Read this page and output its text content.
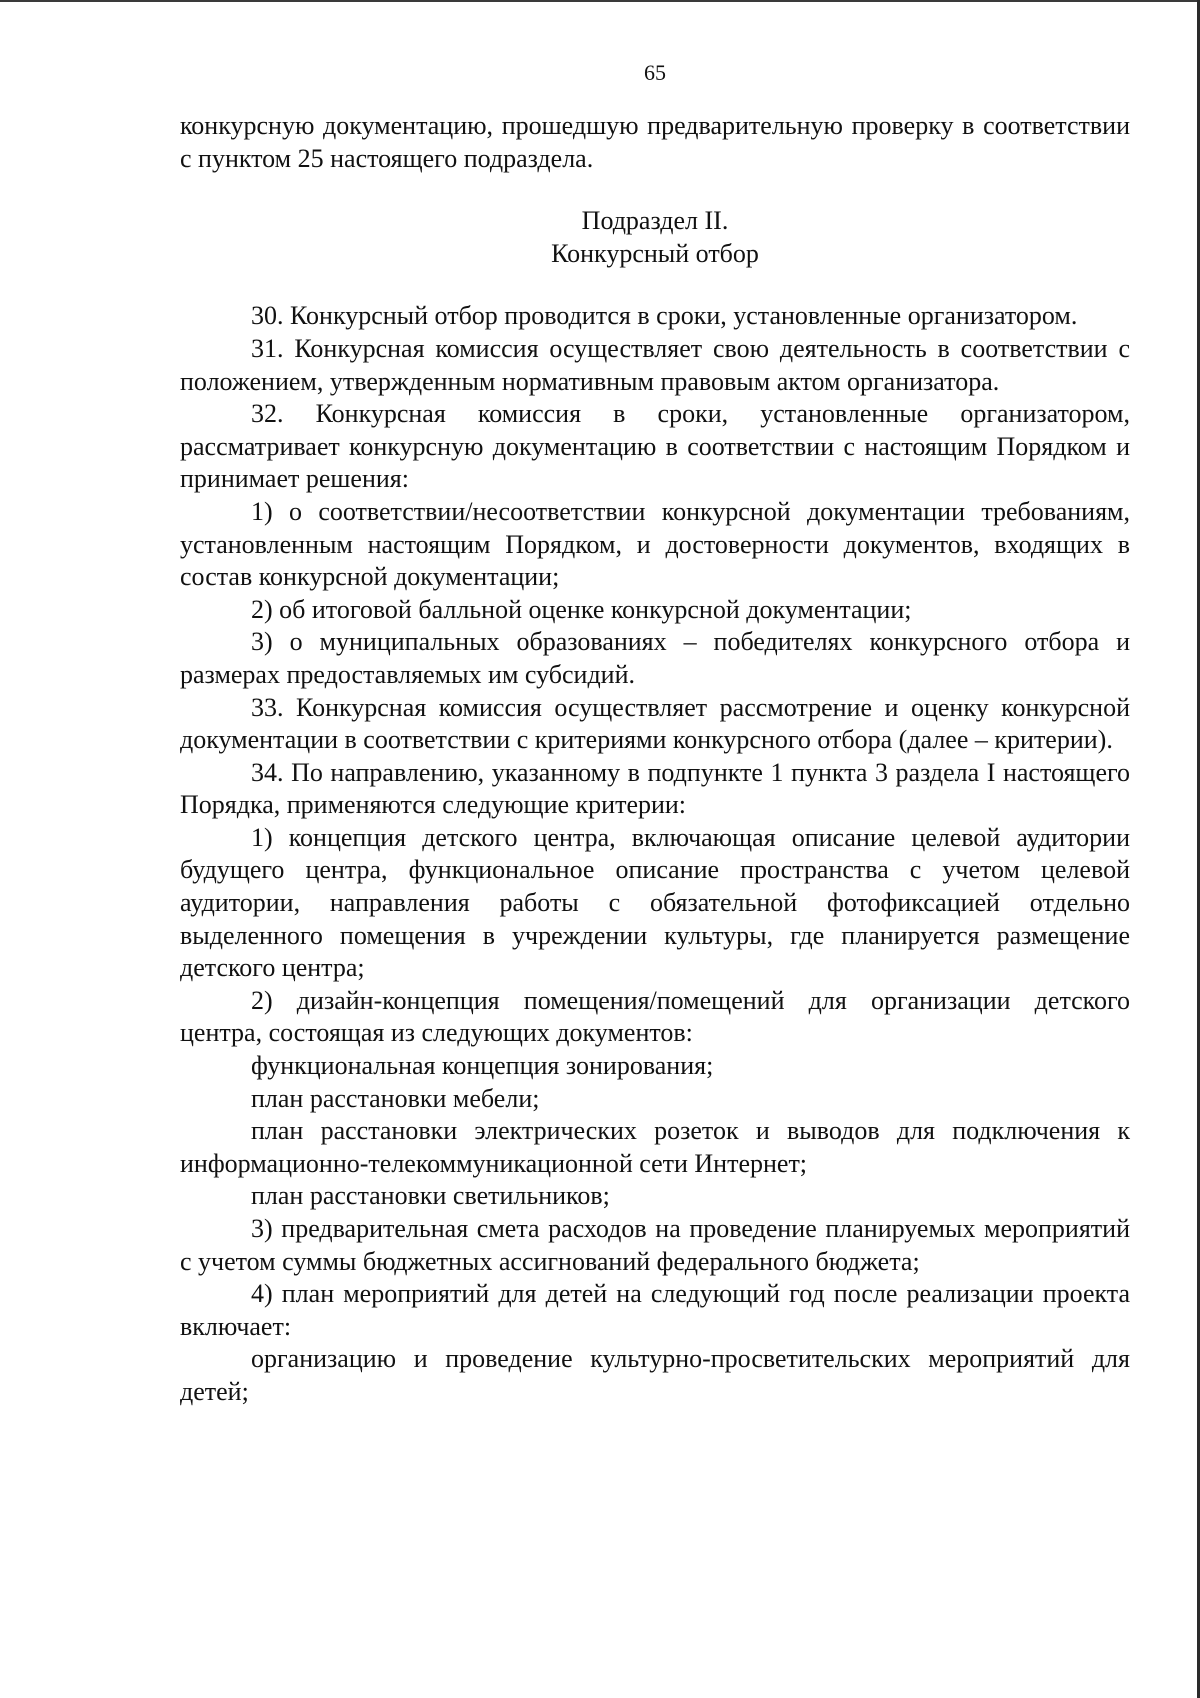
65

конкурсную документацию, прошедшую предварительную проверку в соответствии с пунктом 25 настоящего подраздела.

Подраздел II.
Конкурсный отбор

30. Конкурсный отбор проводится в сроки, установленные организатором.

31. Конкурсная комиссия осуществляет свою деятельность в соответствии с положением, утвержденным нормативным правовым актом организатора.

32. Конкурсная комиссия в сроки, установленные организатором, рассматривает конкурсную документацию в соответствии с настоящим Порядком и принимает решения:

1) о соответствии/несоответствии конкурсной документации требованиям, установленным настоящим Порядком, и достоверности документов, входящих в состав конкурсной документации;

2) об итоговой балльной оценке конкурсной документации;

3) о муниципальных образованиях – победителях конкурсного отбора и размерах предоставляемых им субсидий.

33. Конкурсная комиссия осуществляет рассмотрение и оценку конкурсной документации в соответствии с критериями конкурсного отбора (далее – критерии).

34. По направлению, указанному в подпункте 1 пункта 3 раздела I настоящего Порядка, применяются следующие критерии:

1) концепция детского центра, включающая описание целевой аудитории будущего центра, функциональное описание пространства с учетом целевой аудитории, направления работы с обязательной фотофиксацией отдельно выделенного помещения в учреждении культуры, где планируется размещение детского центра;

2) дизайн-концепция помещения/помещений для организации детского центра, состоящая из следующих документов:

функциональная концепция зонирования;

план расстановки мебели;

план расстановки электрических розеток и выводов для подключения к информационно-телекоммуникационной сети Интернет;

план расстановки светильников;

3) предварительная смета расходов на проведение планируемых мероприятий с учетом суммы бюджетных ассигнований федерального бюджета;

4) план мероприятий для детей на следующий год после реализации проекта включает:

организацию и проведение культурно-просветительских мероприятий для детей;
